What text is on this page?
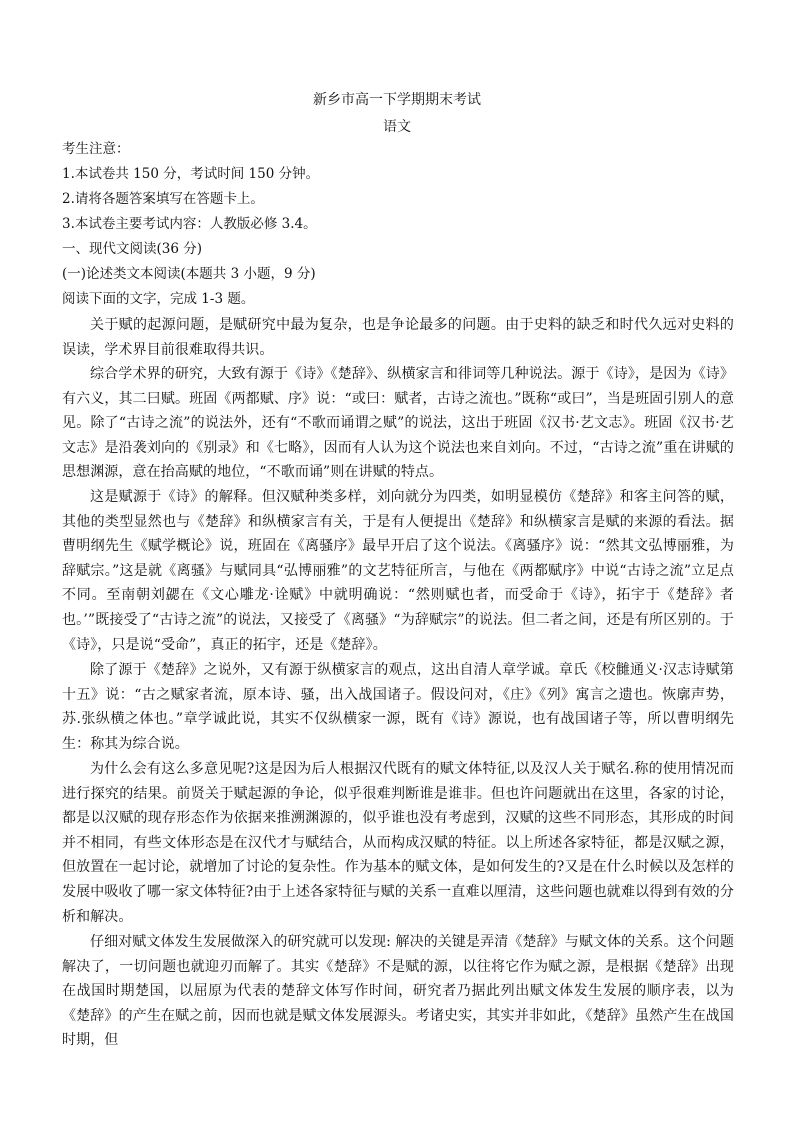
新乡市高一下学期期末考试
语文
考生注意：
1.本试卷共 150 分，考试时间 150 分钟。
2.请将各题答案填写在答题卡上。
3.本试卷主要考试内容：人教版必修 3.4。
一、现代文阅读(36 分)
(一)论述类文本阅读(本题共 3 小题，9 分)
阅读下面的文字，完成 1-3 题。
关于赋的起源问题，是赋研究中最为复杂，也是争论最多的问题。由于史料的缺乏和时代久远对史料的误读，学术界目前很难取得共识。
综合学术界的研究，大致有源于《诗》《楚辞》、纵横家言和徘词等几种说法。源于《诗》，是因为《诗》有六义，其二曰赋。班固《两都赋、序》说：“或曰：赋者，古诗之流也。”既称“或曰”，当是班固引别人的意见。除了“古诗之流”的说法外，还有“不歌而诵谓之赋”的说法，这出于班固《汉书·艺文志》。班固《汉书·艺文志》是沿袭刘向的《别录》和《七略》，因而有人认为这个说法也来自刘向。不过，“古诗之流”重在讲赋的思想渊源，意在抬高赋的地位，“不歌而诵”则在讲赋的特点。
这是赋源于《诗》的解释。但汉赋种类多样，刘向就分为四类，如明显模仿《楚辞》和客主问答的赋，其他的类型显然也与《楚辞》和纵横家言有关，于是有人便提出《楚辞》和纵横家言是赋的来源的看法。据曹明纲先生《赋学概论》说，班固在《离骚序》最早开启了这个说法。《离骚序》说：“然其文弘博丽雅，为辞赋宗。”这是就《离骚》与赋同具“弘博丽雅”的文艺特征所言，与他在《两都赋序》中说“古诗之流”立足点不同。至南朝刘勰在《文心雕龙·诠赋》中就明确说：“然则赋也者，而受命于《诗》，拓宇于《楚辞》者也。’”既接受了“古诗之流”的说法，又接受了《离骚》“为辞赋宗”的说法。但二者之间，还是有所区别的。于《诗》，只是说“受命”，真正的拓宇，还是《楚辞》。
除了源于《楚辞》之说外，又有源于纵横家言的观点，这出自清人章学诚。章氏《校雠通义·汉志诗赋第十五》说：“古之赋家者流，原本诗、骚，出入战国诸子。假设问对，《庄》《列》寓言之遗也。恢廓声势，苏.张纵横之体也。”章学诚此说，其实不仅纵横家一源，既有《诗》源说，也有战国诸子等，所以曹明纲先生：称其为综合说。
为什么会有这么多意见呢?这是因为后人根据汉代既有的赋文体特征,以及汉人关于赋名.称的使用情况而进行探究的结果。前贤关于赋起源的争论，似乎很难判断谁是谁非。但也许问题就出在这里，各家的讨论，都是以汉赋的现存形态作为依据来推溯渊源的，似乎谁也没有考虑到，汉赋的这些不同形态，其形成的时间并不相同，有些文体形态是在汉代才与赋结合，从而构成汉赋的特征。以上所述各家特征，都是汉赋之源，但放置在一起讨论，就增加了讨论的复杂性。作为基本的赋文体，是如何发生的?又是在什么时候以及怎样的发展中吸收了哪一家文体特征?由于上述各家特征与赋的关系一直难以厘清，这些问题也就难以得到有效的分析和解决。
仔细对赋文体发生发展做深入的研究就可以发现: 解决的关键是弄清《楚辞》与赋文体的关系。这个问题解决了，一切问题也就迎刃而解了。其实《楚辞》不是赋的源，以往将它作为赋之源，是根据《楚辞》出现在战国时期楚国，以屈原为代表的楚辞文体写作时间，研究者乃据此列出赋文体发生发展的顺序表，以为《楚辞》的产生在赋之前，因而也就是赋文体发展源头。考诸史实，其实并非如此，《楚辞》虽然产生在战国时期，但
